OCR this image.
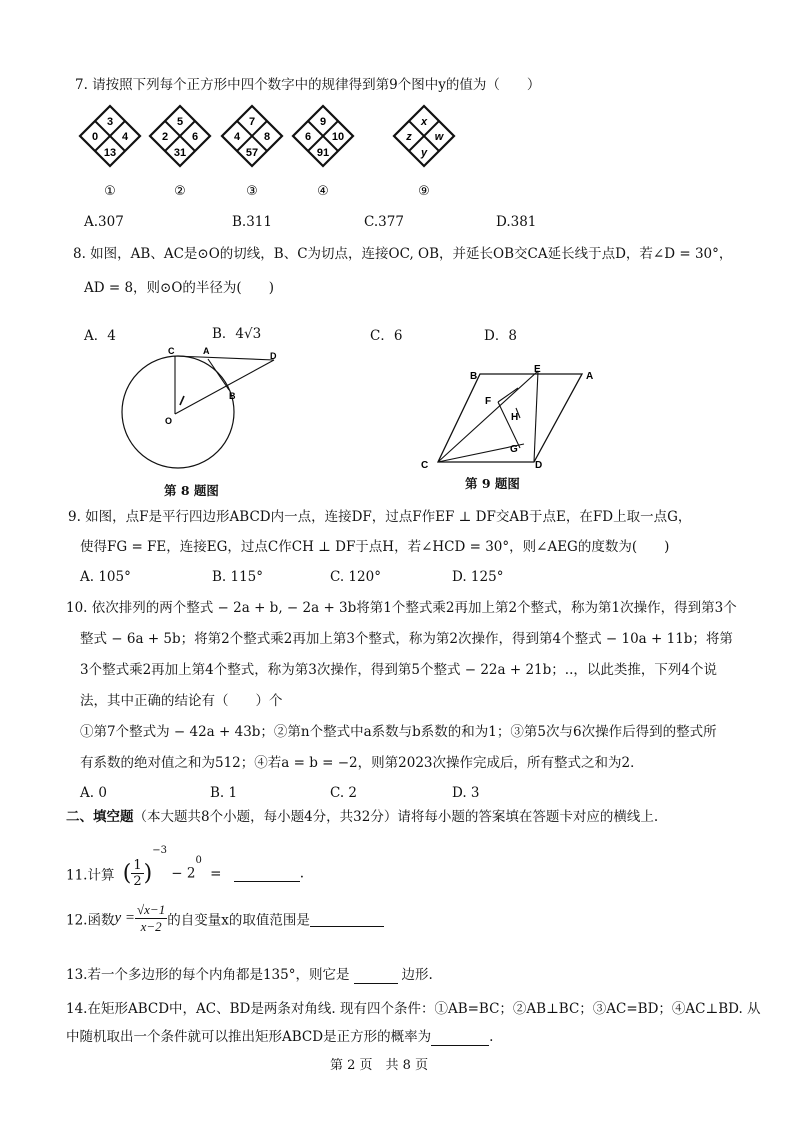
7. 请按照下列每个正方形中四个数字中的规律得到第9个图中y的值为（　　）
3
0 4
13
①
5
2 6
31
②
7
4 8
57
③
9
6 10
91
④
x
z w
y
⑨
A.307	B.311	C.377	D.381
8. 如图，AB、AC是⊙O的切线，B、C为切点，连接OC, OB，并延长OB交CA延长线于点D，若∠D = 30°，
AD = 8，则⊙O的半径为(　　)
A．4	B．4√3	C．6	D．8
C	A	D
B
O
第 8 题图
B
E
A
F
H
G
C	D
第 9 题图
9. 如图，点F是平行四边形ABCD内一点，连接DF，过点F作EF ⊥ DF交AB于点E，在FD上取一点G，
使得FG = FE，连接EG，过点C作CH ⊥ DF于点H，若∠HCD = 30°，则∠AEG的度数为(　　)
A. 105°	B. 115°	C. 120°	D. 125°
10. 依次排列的两个整式 − 2a + b, − 2a + 3b将第1个整式乘2再加上第2个整式，称为第1次操作，得到第3个
整式 − 6a + 5b；将第2个整式乘2再加上第3个整式，称为第2次操作，得到第4个整式 − 10a + 11b；将第
3个整式乘2再加上第4个整式，称为第3次操作，得到第5个整式 − 22a + 21b；..，以此类推，下列4个说
法，其中正确的结论有（　　）个
①第7个整式为 − 42a + 43b；②第n个整式中a系数与b系数的和为1；③第5次与6次操作后得到的整式所
有系数的绝对值之和为512；④若a = b = −2，则第2023次操作完成后，所有整式之和为2．
A. 0	B. 1	C. 2	D. 3
二、填空题（本大题共8个小题，每小题4分，共32分）请将每小题的答案填在答题卡对应的横线上.
11.计算 ( $\frac{1}{2} )^{-3} - 2^0$ =	.
12.函数$y = \frac{√x-1}{x-2}$ 的自变量x的取值范围是
13.若一个多边形的每个内角都是135°，则它是	边形.
14.在矩形ABCD中，AC、BD是两条对角线. 现有四个条件：①AB=BC；②AB⊥BC；③AC=BD；④AC⊥BD. 从
中随机取出一个条件就可以推出矩形ABCD是正方形的概率为	.
第 2 页　共 8 页
